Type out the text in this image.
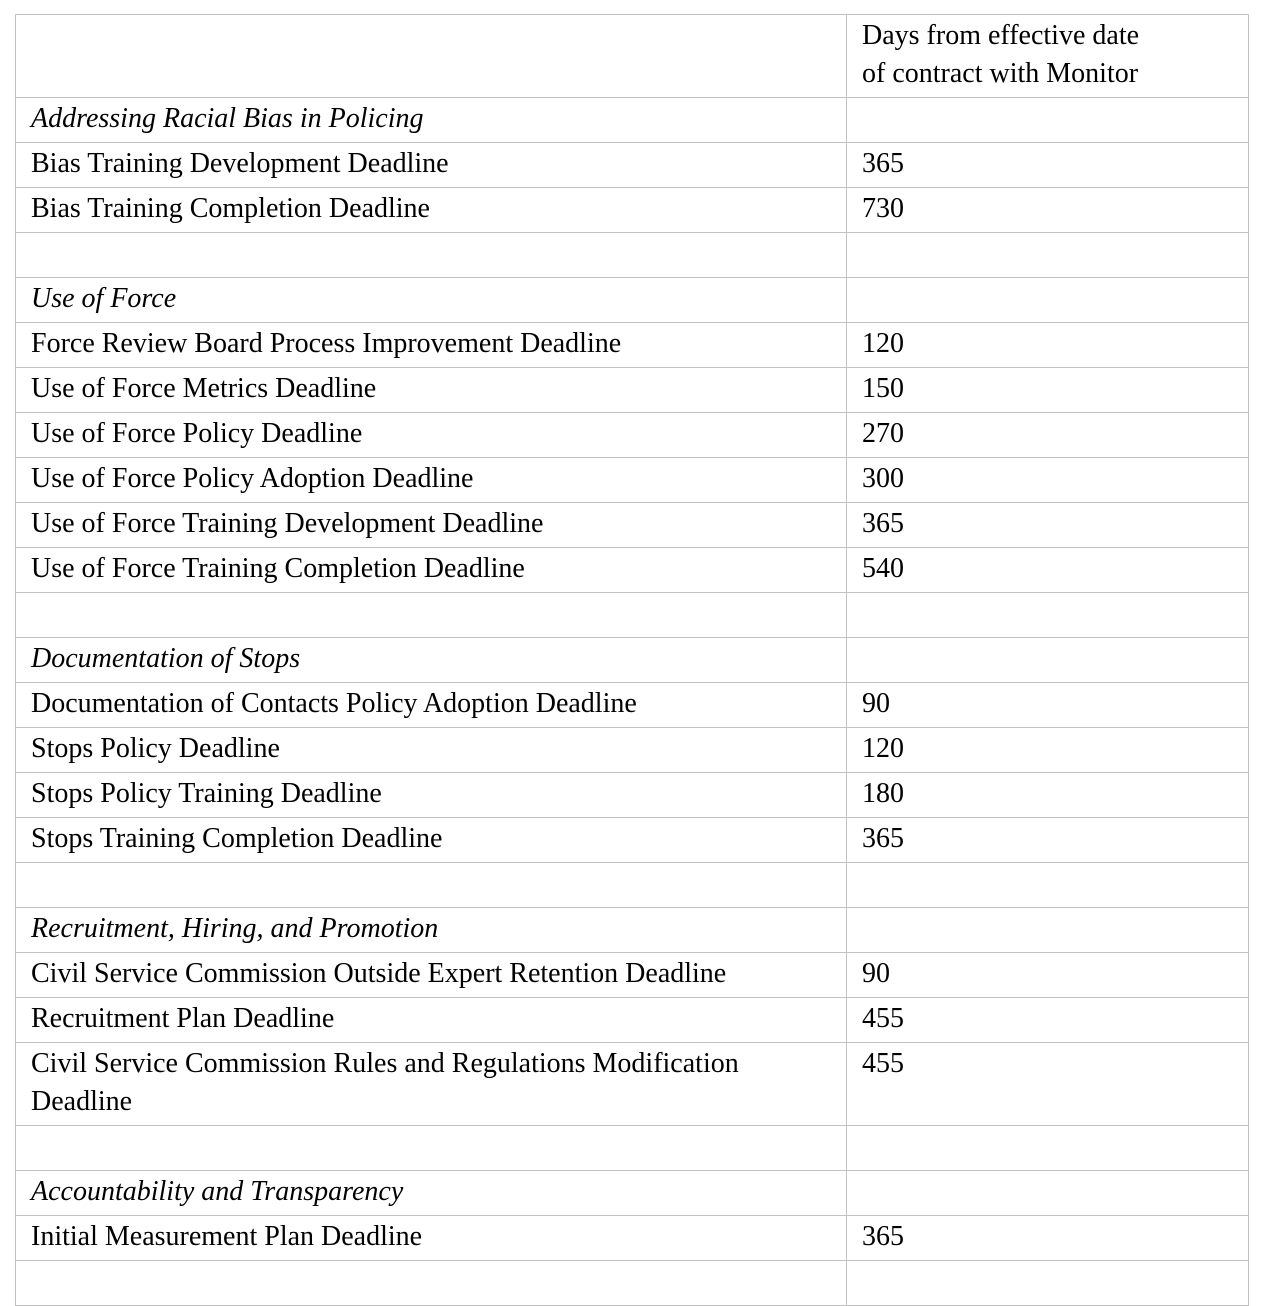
	Days from effective date
of contract with Monitor
Addressing Racial Bias in Policing	
Bias Training Development Deadline	365
Bias Training Completion Deadline	730

Use of Force	
Force Review Board Process Improvement Deadline	120
Use of Force Metrics Deadline	150
Use of Force Policy Deadline	270
Use of Force Policy Adoption Deadline	300
Use of Force Training Development Deadline	365
Use of Force Training Completion Deadline	540

Documentation of Stops	
Documentation of Contacts Policy Adoption Deadline	90
Stops Policy Deadline	120
Stops Policy Training Deadline	180
Stops Training Completion Deadline	365

Recruitment, Hiring, and Promotion	
Civil Service Commission Outside Expert Retention Deadline	90
Recruitment Plan Deadline	455
Civil Service Commission Rules and Regulations Modification Deadline	455

Accountability and Transparency	
Initial Measurement Plan Deadline	365
